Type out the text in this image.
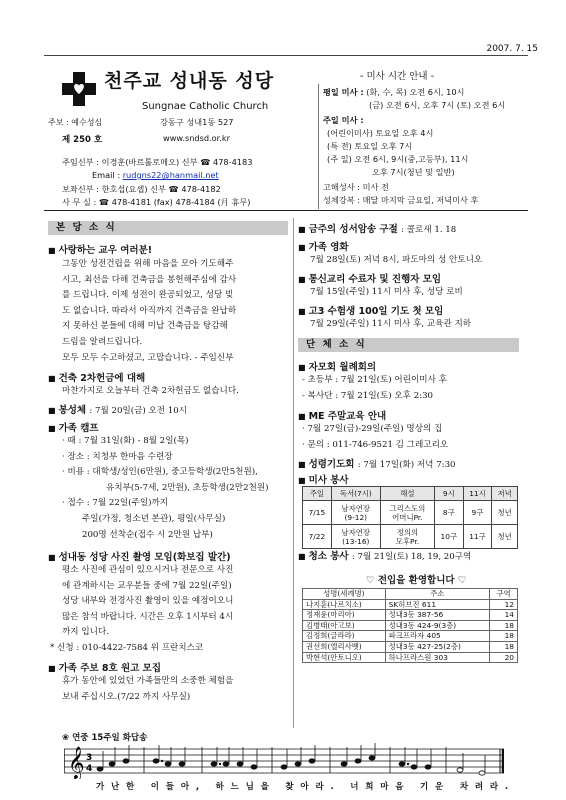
2007. 7. 15
천주교 성내동 성당
Sungnae Catholic Church
주보 : 예수성심
제 250 호
강동구 성내1동 527
www.sndsd.or.kr
주임신부 : 이경훈(바르톨로메오) 신부 ☎ 478-4183
Email : rudgns22@hanmail.net
보좌신부 : 한호섭(요셉) 신부 ☎ 478-4182
사 무 실 : ☎ 478-4181 (fax) 478-4184 (月 휴무)
- 미사 시간 안내 -
평일 미사 : (화, 수, 목) 오전 6시, 10시
(금) 오전 6시, 오후 7시 (토) 오전 6시
주일 미사 :
(어린이미사) 토요일 오후 4시
(특 전) 토요일 오후 7시
(주 일) 오전 6시, 9시(중,고등부), 11시
오후 7시(청년 및 일반)
고해성사 : 미사 전
성체강복 : 매달 마지막 금요일, 저녁미사 후
본 당 소 식
■ 사랑하는 교우 여러분!
그동안 성전건립을 위해 마음을 모아 기도해주
시고, 최선을 다해 건축금을 봉헌해주심에 감사
를 드립니다. 이제 성전이 완공되었고, 성당 빚
도 없습니다. 따라서 아직까지 건축금을 완납하
지 못하신 분들에 대해 미납 건축금을 탕감해
드림을 알려드립니다.
모두 모두 수고하셨고, 고맙습니다. - 주임신부
■ 건축 2차헌금에 대해
마찬가지로 오늘부터 건축 2차헌금도 없습니다.
■ 봉성체 : 7월 20일(금) 오전 10시
■ 가족 캠프
· 때 : 7월 31일(화) - 8월 2일(목)
· 장소 : 치청부 한마음 수련장
· 비용 : 대학생/성인(6만원), 중고등학생(2만5천원),
유치부(5-7세, 2만원), 초등학생(2만2천원)
· 접수 : 7월 22일(주일)까지
주일(가정, 청소년 본관), 평일(사무실)
200명 선착순(접수 시 2만원 납부)
■ 성내동 성당 사진 촬영 모임(화보집 발간)
평소 사진에 관심이 있으시거나 전문으로 사진
에 관계하시는 교우분들 중에 7월 22일(주일)
성당 내부와 전경사진 촬영이 있을 예정이오니
많은 참석 바랍니다. 시간은 오후 1시부터 4시
까지 입니다.
* 신청 : 010-4422-7584 위 프란치스코
■ 가족 주보 8호 원고 모집
휴가 동안에 있었던 가족들만의 소중한 체험을
보내 주십시오.(7/22 까지 사무실)
■ 금주의 성서암송 구절 : 콜로새 1. 18
■ 가족 영화
7월 28일(토) 저녁 8시, 파도마의 성 안토니오
■ 통신교리 수료자 및 진행자 모임
7월 15일(주일) 11시 미사 후, 성당 로비
■ 고3 수험생 100일 기도 첫 모임
7월 29일(주일) 11시 미사 후, 교육관 지하
단 체 소 식
■ 자모회 월례회의
- 초등부 : 7월 21일(토) 어린이미사 후
- 복사단 : 7월 21일(토) 오후 2:30
■ ME 주말교육 안내
· 7월 27일(금)-29일(주일) 명상의 집
· 문의 : 011-746-9521 김 그레고리오
■ 성령기도회 : 7월 17일(화) 저녁 7:30
■ 미사 봉사
주일	독서(7시)	해설	9시	11시	저녁
7/15	남자연장
(9-12)	그리스도의
어머니Pr.	8구	9구	청년
7/22	남자연장
(13-16)	정의의
모후Pr.	10구	11구	청년
■ 청소 봉사 : 7월 21일(토) 18, 19, 20구역
♡ 전입을 환영합니다 ♡
성명(세례명)	주소	구역
나지훈(나르치소)	SK허브진 611	12
정재윤(마리아)	성내3동 387-56	14
김병태(아고보)	성내3동 424-9(3층)	18
김정희(글라라)	파크프라자 405	18
권선희(엘리사벳)	성내3동 427-25(2층)	18
박현석(안토니오)	하나프라스원 303	20
❀ 연중 15주일 화답송
𝄞 3
4
가난한 이들아, 하느님을 찾아라. 너희마음 기운 차려라.
